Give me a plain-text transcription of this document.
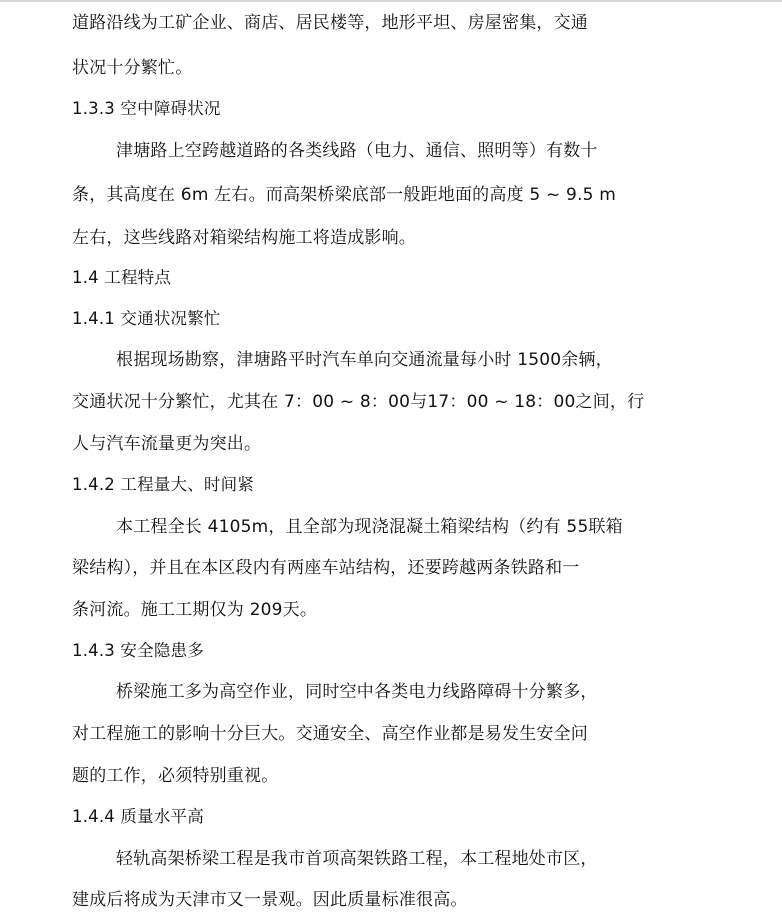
道路沿线为工矿企业、商店、居民楼等，地形平坦、房屋密集，交通
状况十分繁忙。
1.3.3 空中障碍状况
津塘路上空跨越道路的各类线路（电力、通信、照明等）有数十
条，其高度在 6m 左右。而高架桥梁底部一般距地面的高度 5 ~ 9.5 m
左右，这些线路对箱梁结构施工将造成影响。
1.4 工程特点
1.4.1 交通状况繁忙
根据现场勘察，津塘路平时汽车单向交通流量每小时 1500余辆，
交通状况十分繁忙，尤其在 7：00 ~ 8：00与17：00 ~ 18：00之间，行
人与汽车流量更为突出。
1.4.2 工程量大、时间紧
本工程全长 4105m，且全部为现浇混凝土箱梁结构（约有 55联箱
梁结构），并且在本区段内有两座车站结构，还要跨越两条铁路和一
条河流。施工工期仅为 209天。
1.4.3 安全隐患多
桥梁施工多为高空作业，同时空中各类电力线路障碍十分繁多，
对工程施工的影响十分巨大。交通安全、高空作业都是易发生安全问
题的工作，必须特别重视。
1.4.4 质量水平高
轻轨高架桥梁工程是我市首项高架铁路工程，本工程地处市区，
建成后将成为天津市又一景观。因此质量标准很高。
